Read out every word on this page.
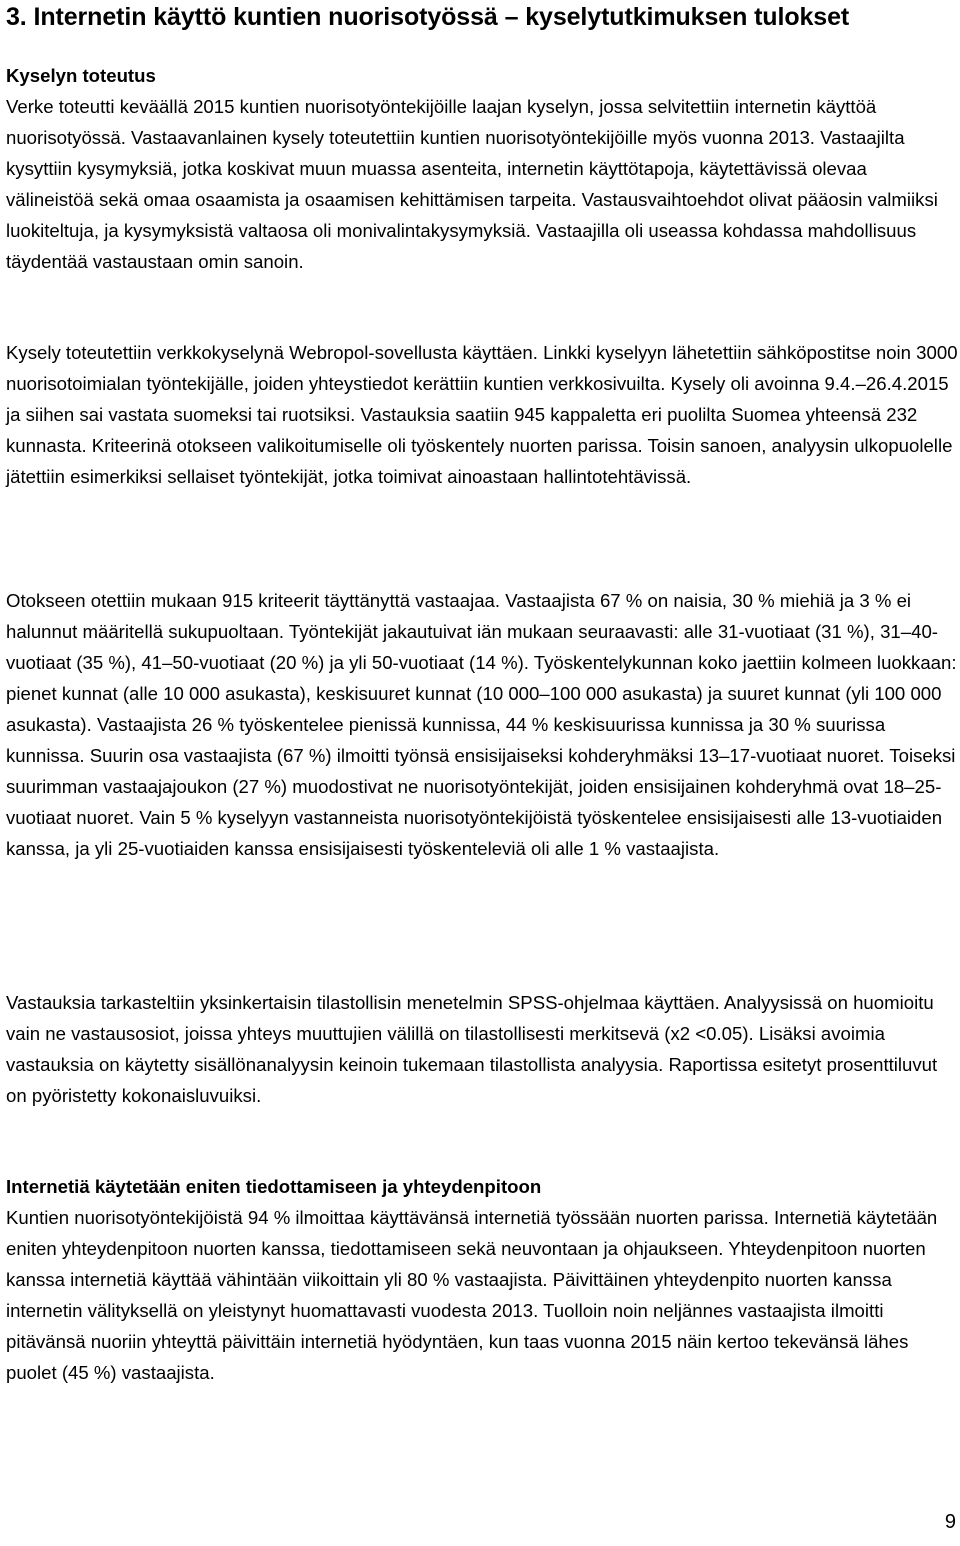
3. Internetin käyttö kuntien nuorisotyössä – kyselytutkimuksen tulokset
Kyselyn toteutus

Verke toteutti keväällä 2015 kuntien nuorisotyöntekijöille laajan kyselyn, jossa selvitettiin internetin käyttöä nuorisotyössä. Vastaavanlainen kysely toteutettiin kuntien nuorisotyöntekijöille myös vuonna 2013. Vastaajilta kysyttiin kysymyksiä, jotka koskivat muun muassa asenteita, internetin käyttötapoja, käytettävissä olevaa välineistöä sekä omaa osaamista ja osaamisen kehittämisen tarpeita. Vastausvaihtoehdot olivat pääosin valmiiksi luokiteltuja, ja kysymyksistä valtaosa oli monivalintakysymyksiä. Vastaajilla oli useassa kohdassa mahdollisuus täydentää vastaustaan omin sanoin.

Kysely toteutettiin verkkokyselynä Webropol-sovellusta käyttäen. Linkki kyselyyn lähetettiin sähköpostitse noin 3000 nuorisotoimialan työntekijälle, joiden yhteystiedot kerättiin kuntien verkkosivuilta. Kysely oli avoinna 9.4.–26.4.2015 ja siihen sai vastata suomeksi tai ruotsiksi. Vastauksia saatiin 945 kappaletta eri puolilta Suomea yhteensä 232 kunnasta. Kriteerinä otokseen valikoitumiselle oli työskentely nuorten parissa. Toisin sanoen, analyysin ulkopuolelle jätettiin esimerkiksi sellaiset työntekijät, jotka toimivat ainoastaan hallintotehtävissä.

Otokseen otettiin mukaan 915 kriteerit täyttänyttä vastaajaa. Vastaajista 67 % on naisia, 30 % miehiä ja 3 % ei halunnut määritellä sukupuoltaan. Työntekijät jakautuivat iän mukaan seuraavasti: alle 31-vuotiaat (31 %), 31–40-vuotiaat (35 %), 41–50-vuotiaat (20 %) ja yli 50-vuotiaat (14 %). Työskentelykunnan koko jaettiin kolmeen luokkaan: pienet kunnat (alle 10 000 asukasta), keskisuuret kunnat (10 000–100 000 asukasta) ja suuret kunnat (yli 100 000 asukasta). Vastaajista 26 % työskentelee pienissä kunnissa, 44 % keskisuurissa kunnissa ja 30 % suurissa kunnissa. Suurin osa vastaajista (67 %) ilmoitti työnsä ensisijaiseksi kohderyhmäksi 13–17-vuotiaat nuoret. Toiseksi suurimman vastaajajoukon (27 %) muodostivat ne nuorisotyöntekijät, joiden ensisijainen kohderyhmä ovat 18–25-vuotiaat nuoret. Vain 5 % kyselyyn vastanneista nuorisotyöntekijöistä työskentelee ensisijaisesti alle 13-vuotiaiden kanssa, ja yli 25-vuotiaiden kanssa ensisijaisesti työskenteleviä oli alle 1 % vastaajista.

Vastauksia tarkasteltiin yksinkertaisin tilastollisin menetelmin SPSS-ohjelmaa käyttäen. Analyysissä on huomioitu vain ne vastausosiot, joissa yhteys muuttujien välillä on tilastollisesti merkitsevä (x2 <0.05). Lisäksi avoimia vastauksia on käytetty sisällönanalyysin keinoin tukemaan tilastollista analyysia. Raportissa esitetyt prosenttiluvut on pyöristetty kokonaisluvuiksi.

Internetiä käytetään eniten tiedottamiseen ja yhteydenpitoon

Kuntien nuorisotyöntekijöistä 94 % ilmoittaa käyttävänsä internetiä työssään nuorten parissa. Internetiä käytetään eniten yhteydenpitoon nuorten kanssa, tiedottamiseen sekä neuvontaan ja ohjaukseen. Yhteydenpitoon nuorten kanssa internetiä käyttää vähintään viikoittain yli 80 % vastaajista. Päivittäinen yhteydenpito nuorten kanssa internetin välityksellä on yleistynyt huomattavasti vuodesta 2013. Tuolloin noin neljännes vastaajista ilmoitti pitävänsä nuoriin yhteyttä päivittäin internetiä hyödyntäen, kun taas vuonna 2015 näin kertoo tekevänsä lähes puolet (45 %) vastaajista.

9
